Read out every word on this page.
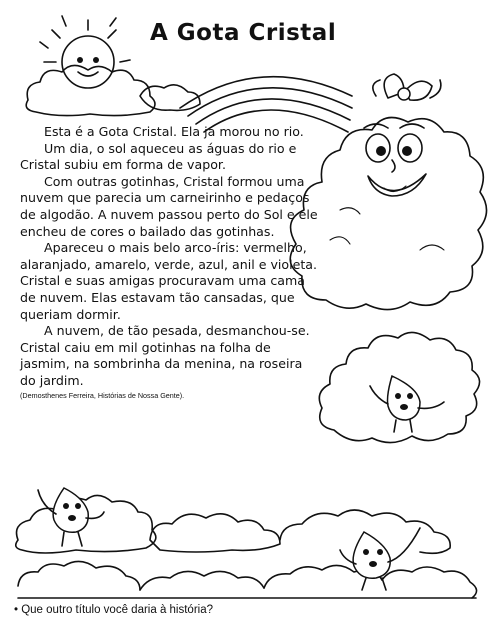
A Gota Cristal

Esta é a Gota Cristal. Ela já morou no rio.

Um dia, o sol aqueceu as águas do rio e Cristal subiu em forma de vapor.

Com outras gotinhas, Cristal formou uma nuvem que parecia um carneirinho e pedaços de algodão. A nuvem passou perto do Sol e ele encheu de cores o bailado das gotinhas.

Apareceu o mais belo arco-íris: vermelho, alaranjado, amarelo, verde, azul, anil e violeta.

Cristal e suas amigas procuravam uma cama de nuvem. Elas estavam tão cansadas, que queriam dormir.

A nuvem, de tão pesada, desmanchou-se. Cristal caiu em mil gotinhas na folha de jasmim, na sombrinha da menina, na roseira do jardim.

(Demosthenes Ferreira, Histórias de Nossa Gente).

• Que outro título você daria à história?
